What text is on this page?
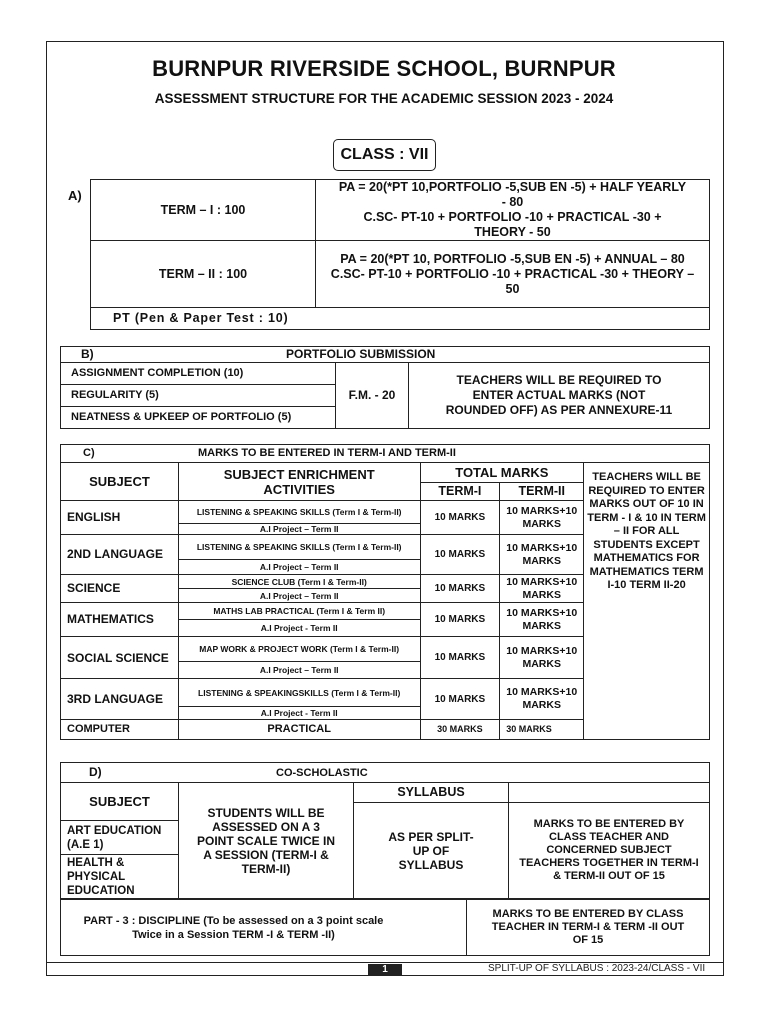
BURNPUR RIVERSIDE SCHOOL, BURNPUR
ASSESSMENT STRUCTURE FOR THE ACADEMIC SESSION 2023 - 2024
CLASS : VII
A)
TERM – I : 100	PA = 20(*PT 10,PORTFOLIO -5,SUB EN -5) + HALF YEARLY - 80
C.SC- PT-10 + PORTFOLIO -10 + PRACTICAL -30 + THEORY - 50

TERM – II : 100	PA = 20(*PT 10, PORTFOLIO -5,SUB EN -5) + ANNUAL – 80
C.SC- PT-10 + PORTFOLIO -10 + PRACTICAL -30 + THEORY – 50

PT (Pen & Paper Test : 10)	
B)	PORTFOLIO SUBMISSION
ASSIGNMENT COMPLETION (10)	F.M. - 20	TEACHERS WILL BE REQUIRED TO ENTER ACTUAL MARKS (NOT ROUNDED OFF) AS PER ANNEXURE-11
REGULARITY (5)
NEATNESS & UPKEEP OF PORTFOLIO (5)
C) MARKS TO BE ENTERED IN TERM-I AND TERM-II				
SUBJECT	SUBJECT ENRICHMENT ACTIVITIES	TOTAL MARKS		TEACHERS WILL BE REQUIRED TO ENTER MARKS OUT OF 10 IN TERM - I & 10 IN TERM – II FOR ALL STUDENTS EXCEPT MATHEMATICS FOR MATHEMATICS TERM I-10 TERM II-20
		TERM-I	TERM-II	
ENGLISH	LISTENING & SPEAKING SKILLS (Term I & Term-II)	10 MARKS	10 MARKS+10 MARKS	
	A.I Project – Term II			
2ND LANGUAGE	LISTENING & SPEAKING SKILLS (Term I & Term-II)	10 MARKS	10 MARKS+10 MARKS	
	A.I Project – Term II			
SCIENCE	SCIENCE CLUB (Term I & Term-II)	10 MARKS	10 MARKS+10 MARKS	
	A.I Project – Term II			
MATHEMATICS	MATHS LAB PRACTICAL (Term I & Term II)	10 MARKS	10 MARKS+10 MARKS	
	A.I Project - Term II			
SOCIAL SCIENCE	MAP WORK & PROJECT WORK (Term I & Term-II)	10 MARKS	10 MARKS+10 MARKS	
	A.I Project – Term II			
3RD LANGUAGE	LISTENING & SPEAKINGSKILLS (Term I & Term-II)	10 MARKS	10 MARKS+10 MARKS	
	A.I Project - Term II			
COMPUTER	PRACTICAL	30 MARKS	30 MARKS	
D) CO-SCHOLASTIC			
SUBJECT	STUDENTS WILL BE ASSESSED ON A 3 POINT SCALE TWICE IN A SESSION (TERM-I & TERM-II)	SYLLABUS	
		AS PER SPLIT-UP OF SYLLABUS	MARKS TO BE ENTERED BY CLASS TEACHER AND CONCERNED SUBJECT TEACHERS TOGETHER IN TERM-I & TERM-II OUT OF 15
ART EDUCATION (A.E 1)			
HEALTH & PHYSICAL EDUCATION			
PART - 3 : DISCIPLINE (To be assessed on a 3 point scale Twice in a Session TERM -I & TERM -II)	MARKS TO BE ENTERED BY CLASS TEACHER IN TERM-I & TERM -II OUT OF 15
1	SPLIT-UP OF SYLLABUS : 2023-24/CLASS - VII
